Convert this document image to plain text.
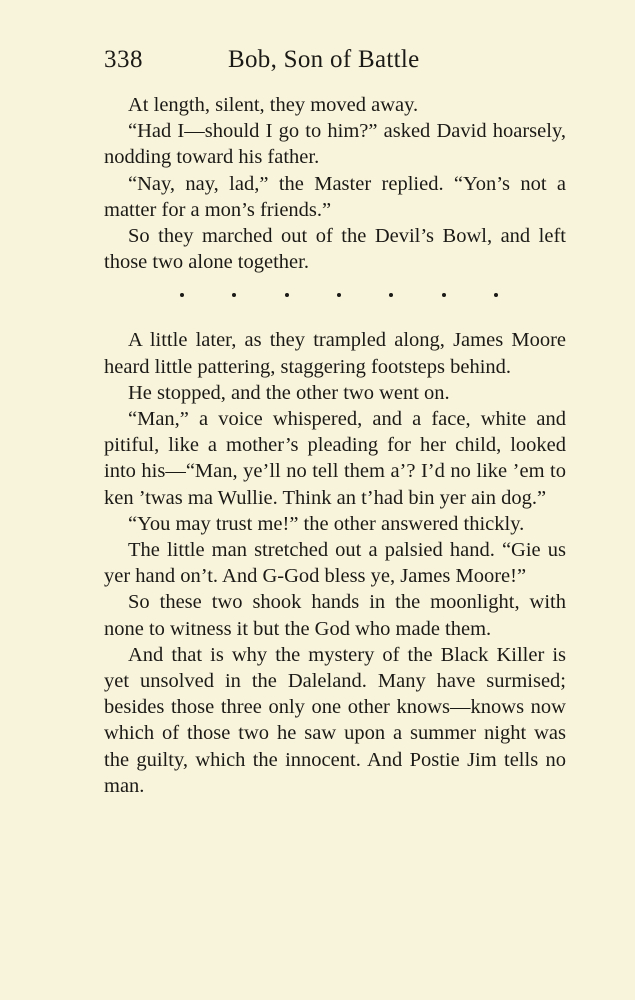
338	Bob, Son of Battle

At length, silent, they moved away.

“Had I—should I go to him?” asked David hoarsely, nodding toward his father.

“Nay, nay, lad,” the Master replied. “Yon’s not a matter for a mon’s friends.”

So they marched out of the Devil’s Bowl, and left those two alone together.

A little later, as they trampled along, James Moore heard little pattering, staggering footsteps behind.

He stopped, and the other two went on.

“Man,” a voice whispered, and a face, white and pitiful, like a mother’s pleading for her child, looked into his—“Man, ye’ll no tell them a’? I’d no like ’em to ken ’twas ma Wullie. Think an t’had bin yer ain dog.”

“You may trust me!” the other answered thickly.

The little man stretched out a palsied hand. “Gie us yer hand on’t. And G-God bless ye, James Moore!”

So these two shook hands in the moonlight, with none to witness it but the God who made them.

And that is why the mystery of the Black Killer is yet unsolved in the Daleland. Many have surmised; besides those three only one other knows—knows now which of those two he saw upon a summer night was the guilty, which the innocent. And Postie Jim tells no man.
